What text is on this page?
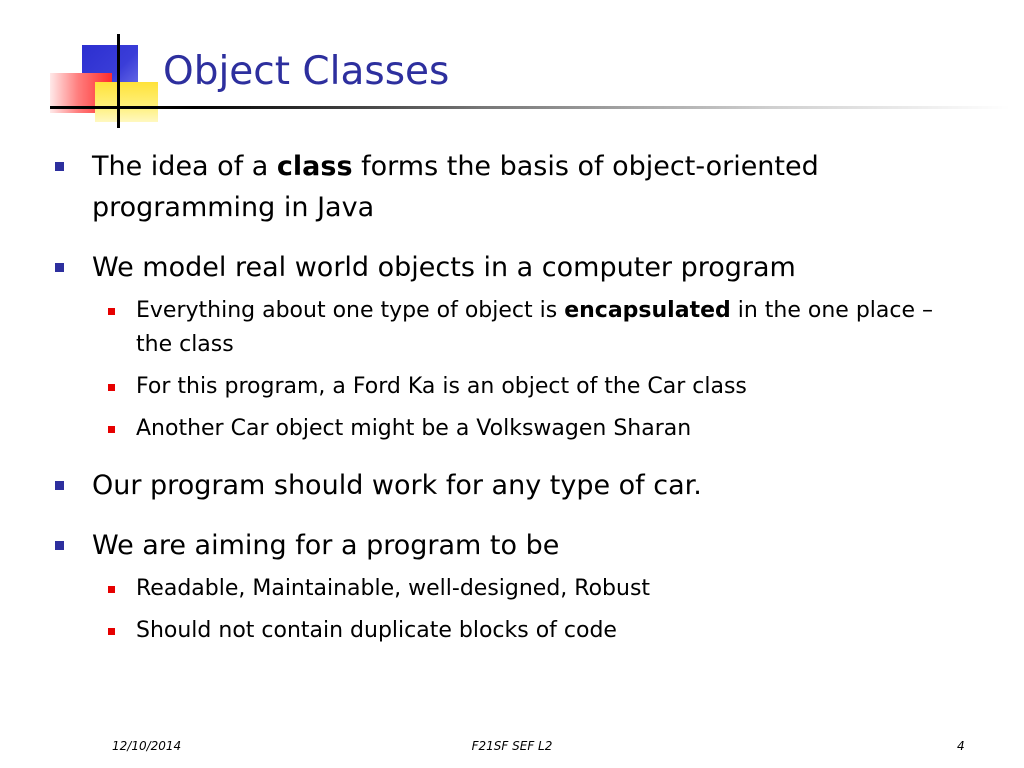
Object Classes
The idea of a class forms the basis of object-oriented programming in Java
We model real world objects in a computer program
Everything about one type of object is encapsulated in the one place – the class
For this program, a Ford Ka is an object of the Car class
Another Car object might be a Volkswagen Sharan
Our program should work for any type of car.
We are aiming for a program to be
Readable, Maintainable, well-designed, Robust
Should not contain duplicate blocks of code
12/10/2014	F21SF SEF L2	4
